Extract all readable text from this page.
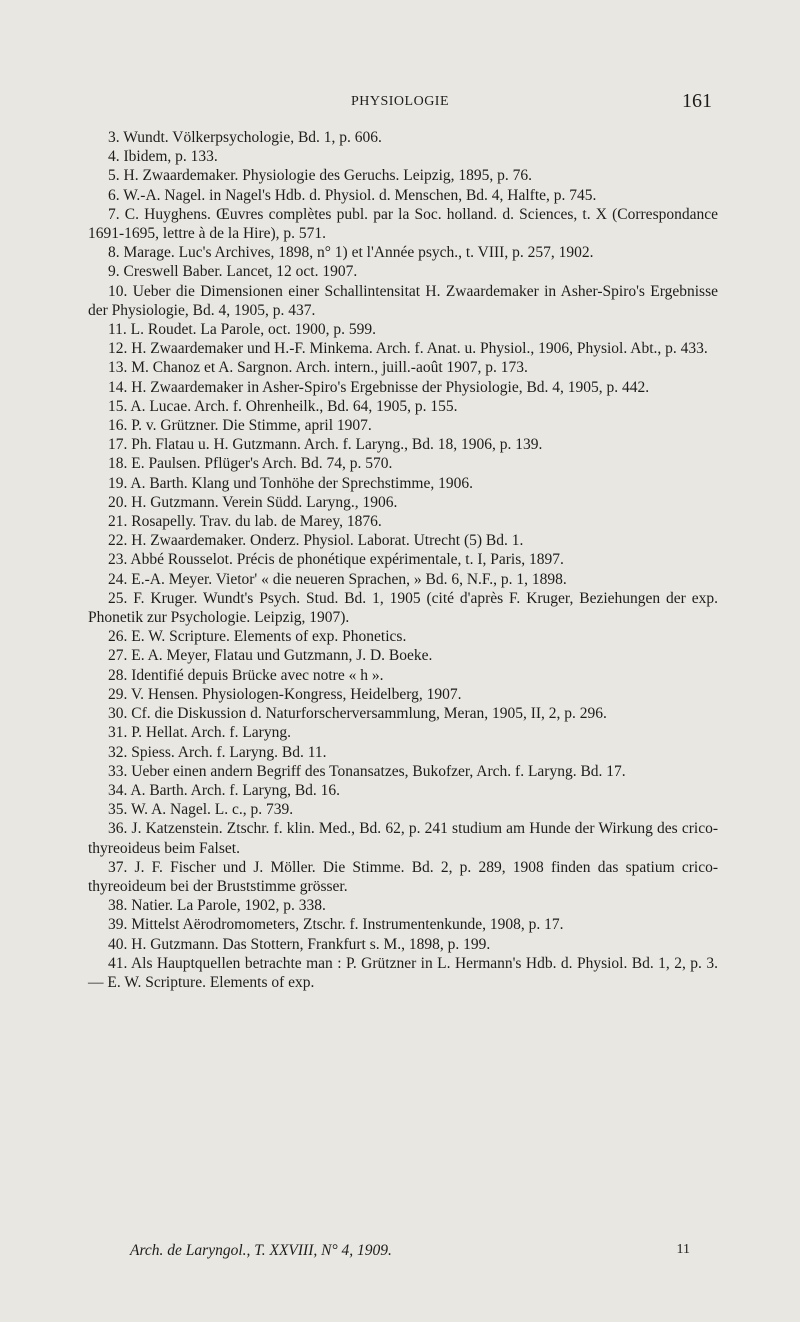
PHYSIOLOGIE	161
3. Wundt. Völkerpsychologie, Bd. 1, p. 606.
4. Ibidem, p. 133.
5. H. Zwaardemaker. Physiologie des Geruchs. Leipzig, 1895, p. 76.
6. W.-A. Nagel. in Nagel's Hdb. d. Physiol. d. Menschen, Bd. 4, Halfte, p. 745.
7. C. Huyghens. Œuvres complètes publ. par la Soc. holland. d. Sciences, t. X (Correspondance 1691-1695, lettre à de la Hire), p. 571.
8. Marage. Luc's Archives, 1898, n° 1) et l'Année psych., t. VIII, p. 257, 1902.
9. Creswell Baber. Lancet, 12 oct. 1907.
10. Ueber die Dimensionen einer Schallintensitat H. Zwaardemaker in Asher-Spiro's Ergebnisse der Physiologie, Bd. 4, 1905, p. 437.
11. L. Roudet. La Parole, oct. 1900, p. 599.
12. H. Zwaardemaker und H.-F. Minkema. Arch. f. Anat. u. Physiol., 1906, Physiol. Abt., p. 433.
13. M. Chanoz et A. Sargnon. Arch. intern., juill.-août 1907, p. 173.
14. H. Zwaardemaker in Asher-Spiro's Ergebnisse der Physiologie, Bd. 4, 1905, p. 442.
15. A. Lucae. Arch. f. Ohrenheilk., Bd. 64, 1905, p. 155.
16. P. v. Grützner. Die Stimme, april 1907.
17. Ph. Flatau u. H. Gutzmann. Arch. f. Laryng., Bd. 18, 1906, p. 139.
18. E. Paulsen. Pflüger's Arch. Bd. 74, p. 570.
19. A. Barth. Klang und Tonhöhe der Sprechstimme, 1906.
20. H. Gutzmann. Verein Südd. Laryng., 1906.
21. Rosapelly. Trav. du lab. de Marey, 1876.
22. H. Zwaardemaker. Onderz. Physiol. Laborat. Utrecht (5) Bd. 1.
23. Abbé Rousselot. Précis de phonétique expérimentale, t. I, Paris, 1897.
24. E.-A. Meyer. Vietor' « die neueren Sprachen, » Bd. 6, N.F., p. 1, 1898.
25. F. Kruger. Wundt's Psych. Stud. Bd. 1, 1905 (cité d'après F. Kruger, Beziehungen der exp. Phonetik zur Psychologie. Leipzig, 1907).
26. E. W. Scripture. Elements of exp. Phonetics.
27. E. A. Meyer, Flatau und Gutzmann, J. D. Boeke.
28. Identifié depuis Brücke avec notre « h ».
29. V. Hensen. Physiologen-Kongress, Heidelberg, 1907.
30. Cf. die Diskussion d. Naturforscherversammlung, Meran, 1905, II, 2, p. 296.
31. P. Hellat. Arch. f. Laryng.
32. Spiess. Arch. f. Laryng. Bd. 11.
33. Ueber einen andern Begriff des Tonansatzes, Bukofzer, Arch. f. Laryng. Bd. 17.
34. A. Barth. Arch. f. Laryng, Bd. 16.
35. W. A. Nagel. L. c., p. 739.
36. J. Katzenstein. Ztschr. f. klin. Med., Bd. 62, p. 241 studium am Hunde der Wirkung des crico-thyreoideus beim Falset.
37. J. F. Fischer und J. Möller. Die Stimme. Bd. 2, p. 289, 1908 finden das spatium crico-thyreoideum bei der Bruststimme grösser.
38. Natier. La Parole, 1902, p. 338.
39. Mittelst Aërodromometers, Ztschr. f. Instrumentenkunde, 1908, p. 17.
40. H. Gutzmann. Das Stottern, Frankfurt s. M., 1898, p. 199.
41. Als Hauptquellen betrachte man : P. Grützner in L. Hermann's Hdb. d. Physiol. Bd. 1, 2, p. 3. — E. W. Scripture. Elements of exp.
Arch. de Laryngol., T. XXVIII, N° 4, 1909.	11
